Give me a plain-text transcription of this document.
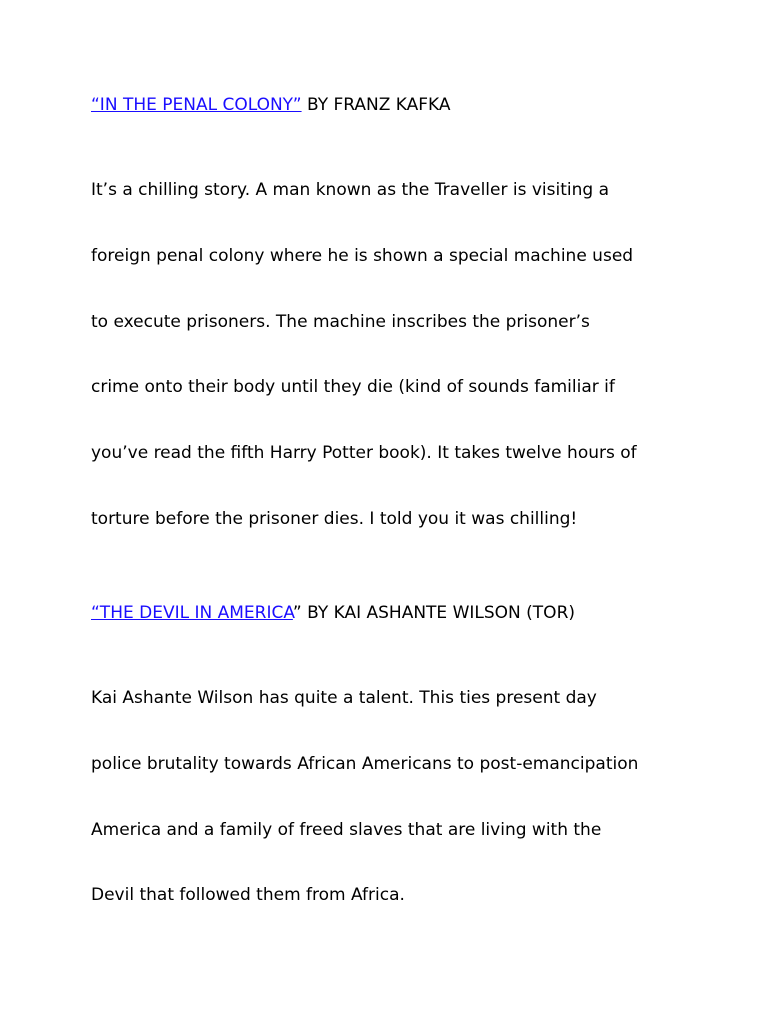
“IN THE PENAL COLONY” BY FRANZ KAFKA
It’s a chilling story. A man known as the Traveller is visiting a
foreign penal colony where he is shown a special machine used
to execute prisoners. The machine inscribes the prisoner’s
crime onto their body until they die (kind of sounds familiar if
you’ve read the fifth Harry Potter book). It takes twelve hours of
torture before the prisoner dies. I told you it was chilling!
“THE DEVIL IN AMERICA” BY KAI ASHANTE WILSON (TOR)
Kai Ashante Wilson has quite a talent. This ties present day
police brutality towards African Americans to post-emancipation
America and a family of freed slaves that are living with the
Devil that followed them from Africa.
